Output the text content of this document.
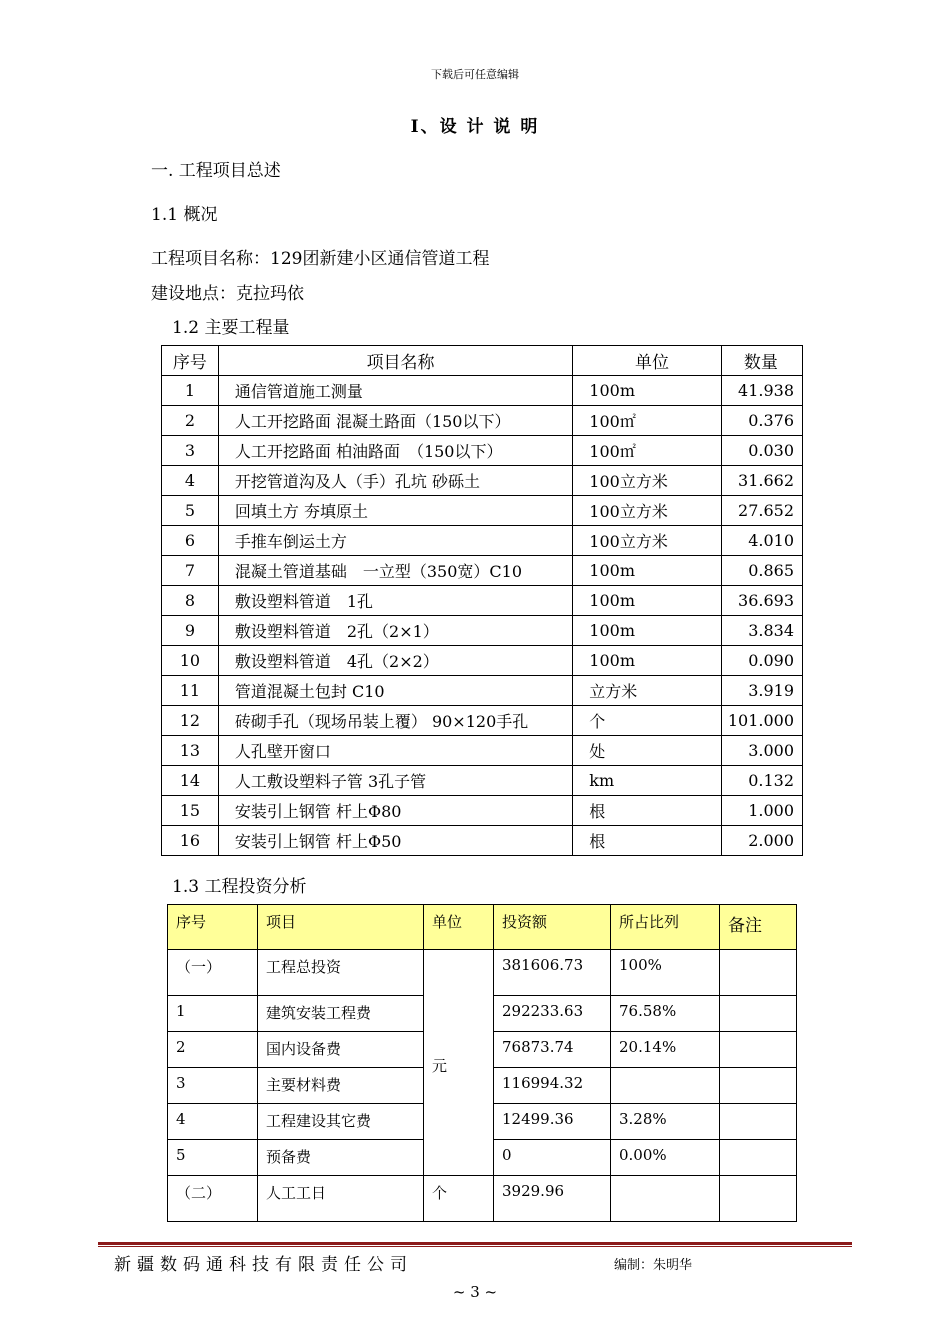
下载后可任意编辑
I、设 计 说 明
一. 工程项目总述
1.1 概况
工程项目名称：129团新建小区通信管道工程
建设地点：克拉玛依
1.2 主要工程量
序号	项目名称	单位	数量
1	通信管道施工测量	100m	41.938
2	人工开挖路面 混凝土路面（150以下）	100㎡	0.376
3	人工开挖路面 柏油路面　（150以下）	100㎡	0.030
4	开挖管道沟及人（手）孔坑 砂砾土	100立方米	31.662
5	回填土方 夯填原土	100立方米	27.652
6	手推车倒运土方	100立方米	4.010
7	混凝土管道基础　一立型（350宽）C10	100m	0.865
8	敷设塑料管道　1孔	100m	36.693
9	敷设塑料管道　2孔（2×1）	100m	3.834
10	敷设塑料管道　4孔（2×2）	100m	0.090
11	管道混凝土包封 C10	立方米	3.919
12	砖砌手孔（现场吊装上覆） 90×120手孔	个	101.000
13	人孔壁开窗口	处	3.000
14	人工敷设塑料子管 3孔子管	km	0.132
15	安装引上钢管 杆上Φ80	根	1.000
16	安装引上钢管 杆上Φ50	根	2.000
1.3 工程投资分析
序号	项目	单位	投资额	所占比列	备注
（一）	工程总投资	元	381606.73	100%	
1	建筑安装工程费		292233.63	76.58%	
2	国内设备费		76873.74	20.14%	
3	主要材料费		116994.32		
4	工程建设其它费		12499.36	3.28%	
5	预备费		0	0.00%	
（二）	人工工日	个	3929.96		
新疆数码通科技有限责任公司	编制：朱明华
~ 3 ~
